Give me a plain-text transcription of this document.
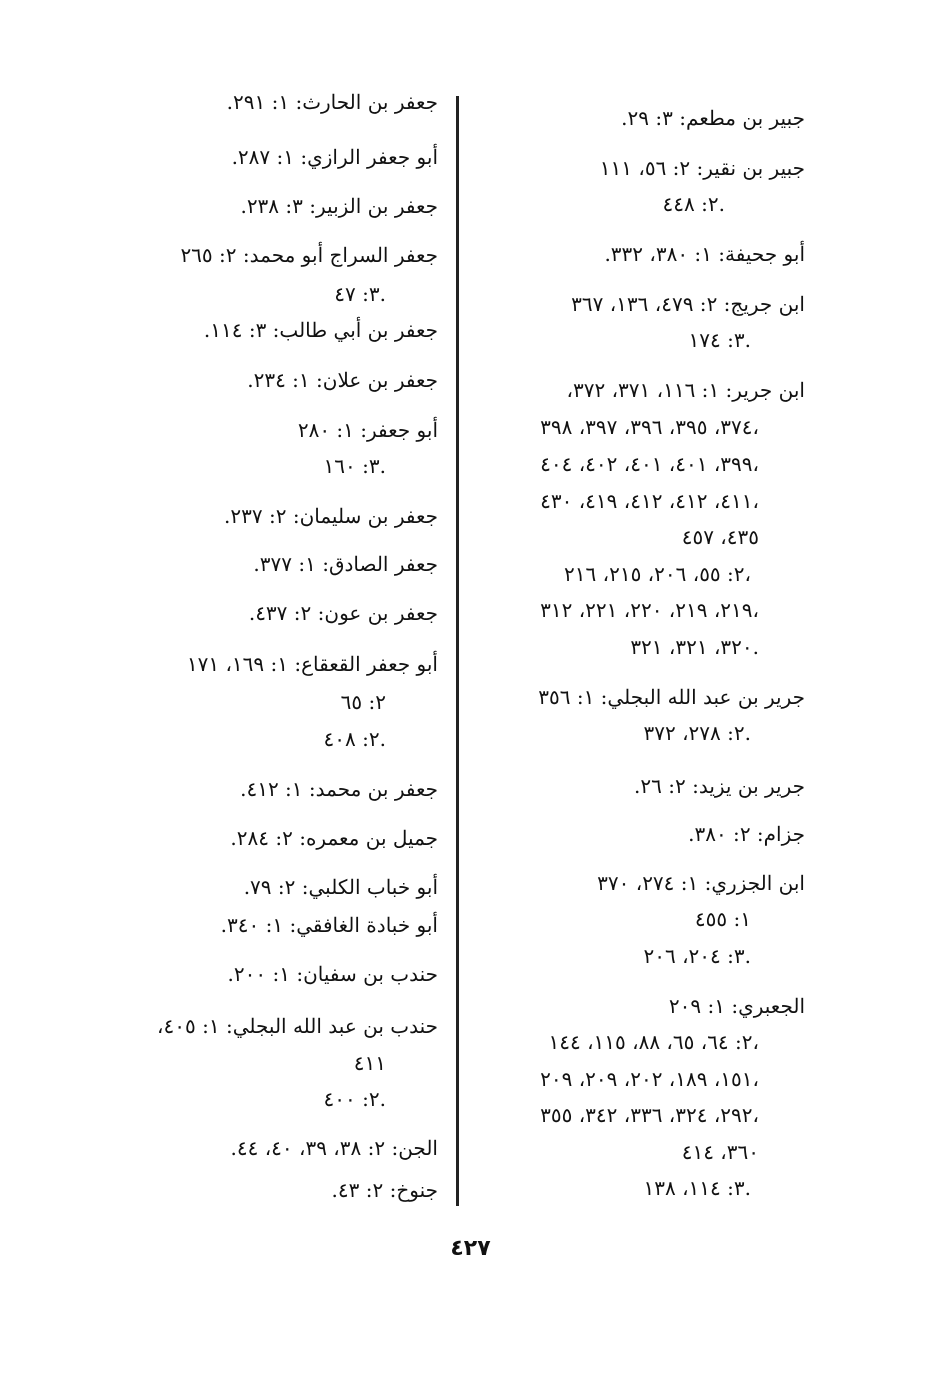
جبير بن مطعم: ٣: ٢٩.
جبير بن نقير: ٢: ٥٦، ١١١
٢: ٤٤٨.
أبو جحيفة: ١: ٣٨٠، ٣٣٢.
ابن جريج: ٢: ٤٧٩، ١٣٦، ٣٦٧
٣: ١٧٤.
ابن جرير: ١: ١١٦، ٣٧١، ٣٧٢،
٣٧٤، ٣٩٥، ٣٩٦، ٣٩٧، ٣٩٨،
٣٩٩، ٤٠١، ٤٠١، ٤٠٢، ٤٠٤،
٤١١، ٤١٢، ٤١٢، ٤١٩، ٤٣٠،
٤٣٥، ٤٥٧
٢: ٥٥، ٢٠٦، ٢١٥، ٢١٦،
٢١٩، ٢١٩، ٢٢٠، ٢٢١، ٣١٢،
٣٢٠، ٣٢١، ٣٢١.
جرير بن عبد الله البجلي: ١: ٣٥٦
٢: ٢٧٨، ٣٧٢.
جرير بن يزيد: ٢: ٢٦.
جزام: ٢: ٣٨٠.
ابن الجزري: ١: ٢٧٤، ٣٧٠
١: ٤٥٥
٣: ٢٠٤، ٢٠٦.
الجعبري: ١: ٢٠٩
٢: ٦٤، ٦٥، ٨٨، ١١٥، ١٤٤،
١٥١، ١٨٩، ٢٠٢، ٢٠٩، ٢٠٩،
٢٩٢، ٣٢٤، ٣٣٦، ٣٤٢، ٣٥٥،
٣٦٠، ٤١٤
٣: ١١٤، ١٣٨.
جعفر بن الحارث: ١: ٢٩١.
أبو جعفر الرازي: ١: ٢٨٧.
جعفر بن الزبير: ٣: ٢٣٨.
جعفر السراج أبو محمد: ٢: ٢٦٥
٣: ٤٧.
جعفر بن أبي طالب: ٣: ١١٤.
جعفر بن علان: ١: ٢٣٤.
أبو جعفر: ١: ٢٨٠
٣: ١٦٠.
جعفر بن سليمان: ٢: ٢٣٧.
جعفر الصادق: ١: ٣٧٧.
جعفر بن عون: ٢: ٤٣٧.
أبو جعفر القعقاع: ١: ١٦٩، ١٧١
٢: ٦٥
٢: ٤٠٨.
جعفر بن محمد: ١: ٤١٢.
جميل بن معمره: ٢: ٢٨٤.
أبو خباب الكلبي: ٢: ٧٩.
أبو خبادة الغافقي: ١: ٣٤٠.
حندب بن سفيان: ١: ٢٠٠.
حندب بن عبد الله البجلي: ١: ٤٠٥،
٤١١
٢: ٤٠٠.
الجن: ٢: ٣٨، ٣٩، ٤٠، ٤٤.
جنوخ: ٢: ٤٣.
٤٢٧
